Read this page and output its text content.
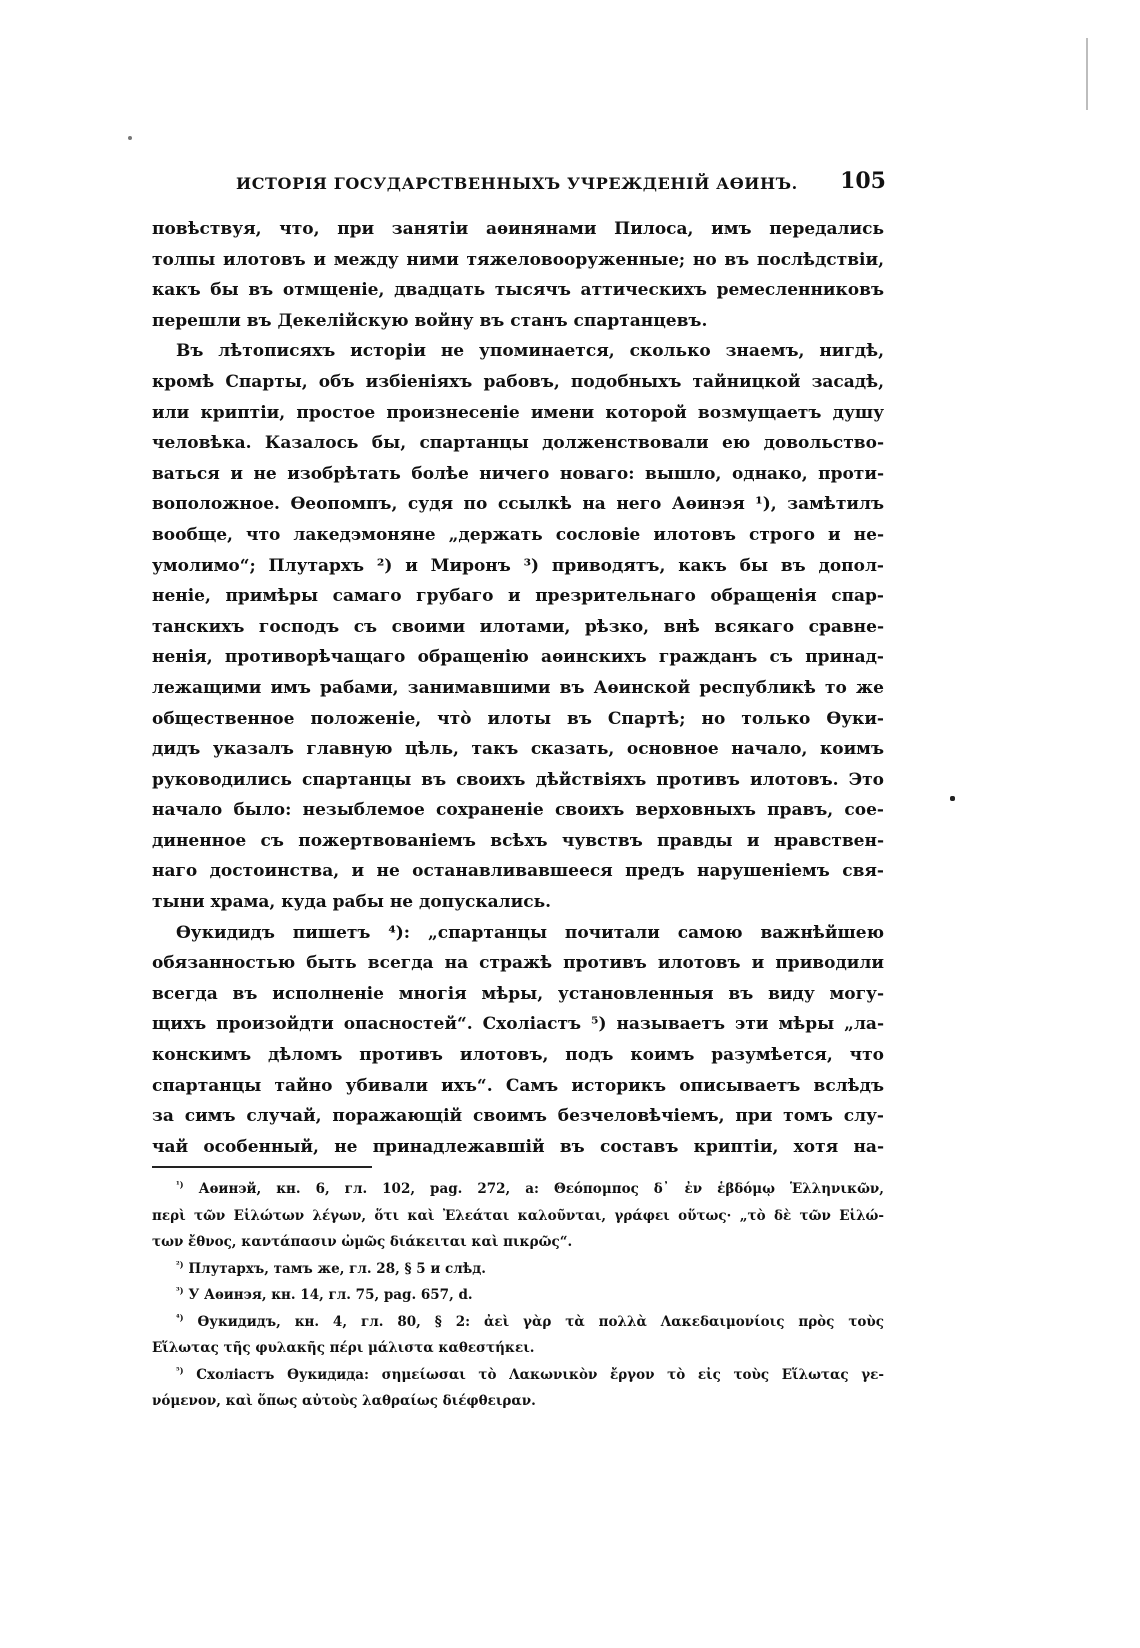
ИСТОРІЯ ГОСУДАРСТВЕННЫХЪ УЧРЕЖДЕНІЙ АѲИНЪ. 105

повѣствуя, что, при занятіи аѳинянами Пилоса, имъ передались

толпы илотовъ и между ними тяжеловооруженные; но въ послѣдствіи,

какъ бы въ отмщеніе, двадцать тысячъ аттическихъ ремесленниковъ

перешли въ Декелійскую войну въ станъ спартанцевъ.

Въ лѣтописяхъ исторіи не упоминается, сколько знаемъ, нигдѣ,

кромѣ Спарты, объ избіеніяхъ рабовъ, подобныхъ тайницкой засадѣ,

или криптіи, простое произнесеніе имени которой возмущаетъ душу

человѣка. Казалось бы, спартанцы долженствовали ею довольство-

ваться и не изобрѣтать болѣе ничего новаго: вышло, однако, проти-

воположное. Ѳеопомпъ, судя по ссылкѣ на него Аѳинэя ¹), замѣтилъ

вообще, что лакедэмоняне „держать сословіе илотовъ строго и не-

умолимо“; Плутархъ ²) и Миронъ ³) приводятъ, какъ бы въ допол-

неніе, примѣры самаго грубаго и презрительнаго обращенія спар-

танскихъ господъ съ своими илотами, рѣзко, внѣ всякаго сравне-

ненія, противорѣчащаго обращенію аѳинскихъ гражданъ съ принад-

лежащими имъ рабами, занимавшими въ Аѳинской республикѣ то же

общественное положеніе, что̀ илоты въ Спартѣ; но только Ѳуки-

дидъ указалъ главную цѣль, такъ сказать, основное начало, коимъ

руководились спартанцы въ своихъ дѣйствіяхъ противъ илотовъ. Это

начало было: незыблемое сохраненіе своихъ верховныхъ правъ, сое-

диненное съ пожертвованіемъ всѣхъ чувствъ правды и нравствен-

наго достоинства, и не останавливавшееся предъ нарушеніемъ свя-

тыни храма, куда рабы не допускались.

Ѳукидидъ пишетъ ⁴): „спартанцы почитали самою важнѣйшею

обязанностью быть всегда на стражѣ противъ илотовъ и приводили

всегда въ исполненіе многія мѣры, установленныя въ виду могу-

щихъ произойдти опасностей“. Схоліастъ ⁵) называетъ эти мѣры „ла-

конскимъ дѣломъ противъ илотовъ, подъ коимъ разумѣется, что

спартанцы тайно убивали ихъ“. Самъ историкъ описываетъ вслѣдъ

за симъ случай, поражающій своимъ безчеловѣчіемъ, при томъ слу-

чай особенный, не принадлежавшій въ составъ криптіи, хотя на-

$^{^1)}$ Аѳинэй, кн. 6, гл. 102, pag. 272, a: Θεόπομπος δ᾽ ἐν ἑβδόμῳ Ἑλληνικῶν,

περὶ τῶν Εἱλώτων λέγων, ὅτι καὶ Ἐλεάται καλοῦνται, γράφει οὕτως· „τὸ δὲ τῶν Εἱλώ-

των ἔθνος, καντάπασιν ὠμῶς διάκειται καὶ πικρῶς“.

$^{^2)}$ Плутархъ, тамъ же, гл. 28, § 5 и слѣд.

$^{^3)}$ У Аѳинэя, кн. 14, гл. 75, pag. 657, d.

$^{^4)}$ Ѳукидидъ, кн. 4, гл. 80, § 2: ἀεὶ γὰρ τὰ πολλὰ Λακεδαιμονίοις πρὸς τοὺς

Εἵλωτας τῆς φυλακῆς πέρι μάλιστα καθεστήκει.

$^{^5)}$ Схоліастъ Ѳукидида: σημείωσαι τὸ Λακωνικὸν ἔργον τὸ εἰς τοὺς Εἵλωτας γε-

νόμενον, καὶ ὅπως αὐτοὺς λαθραίως διέφθειραν.
